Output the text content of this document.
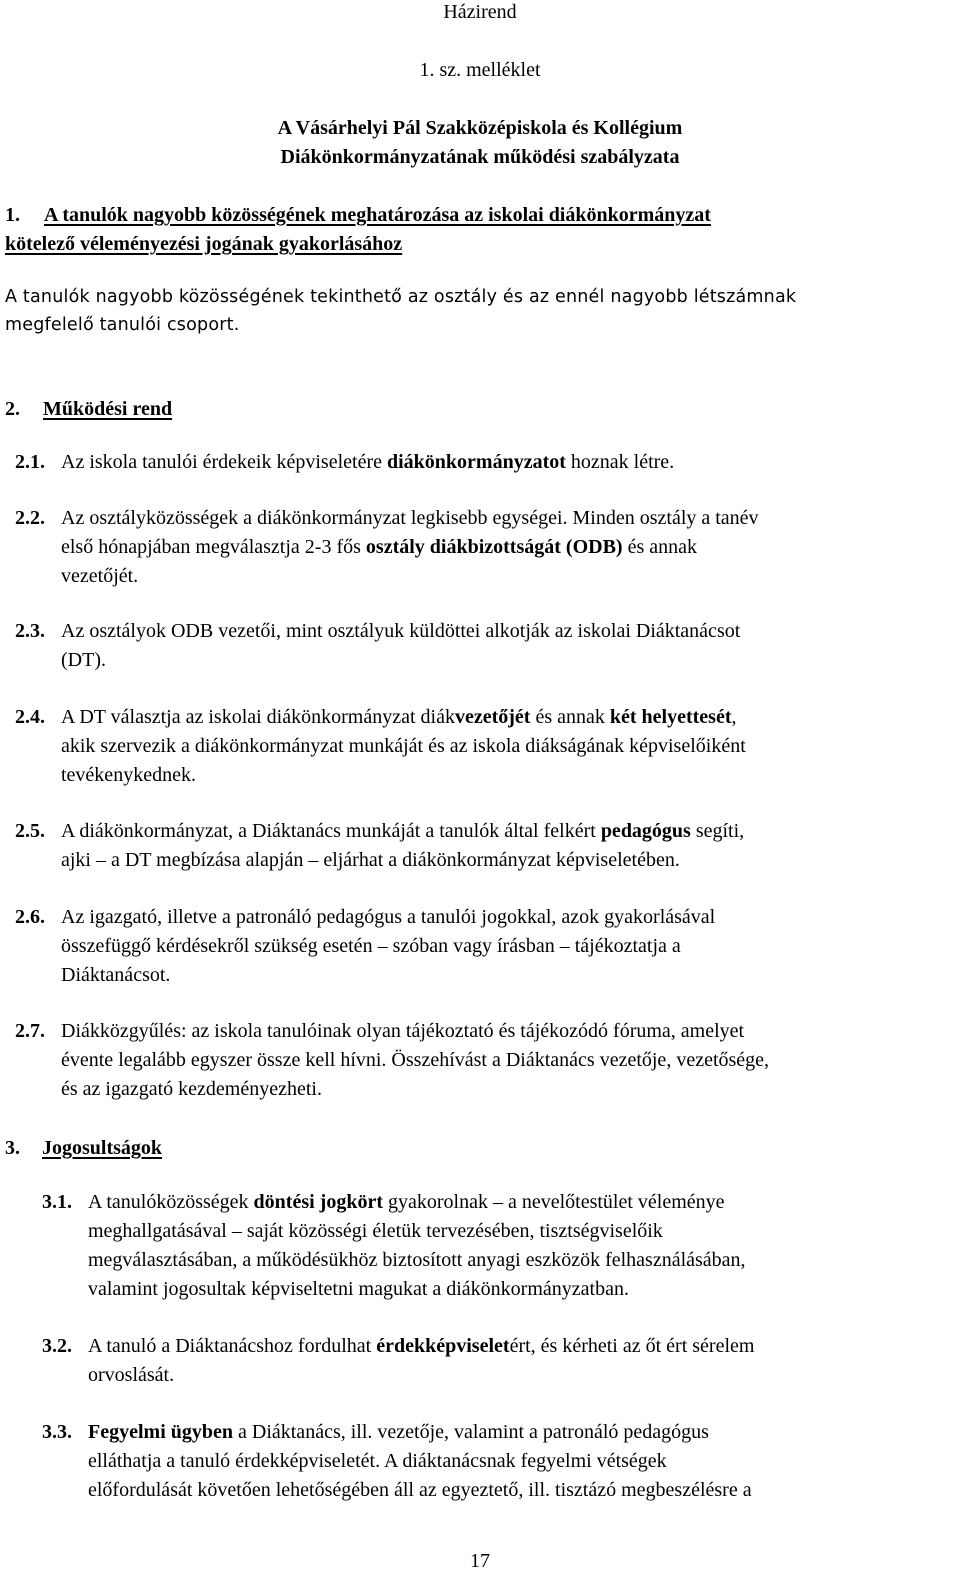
Házirend
1. sz. melléklet
A Vásárhelyi Pál Szakközépiskola és Kollégium
Diákönkormányzatának működési szabályzata
1. A tanulók nagyobb közösségének meghatározása az iskolai diákönkormányzat
kötelező véleményezési jogának gyakorlásához
A tanulók nagyobb közösségének tekinthető az osztály és az ennél nagyobb létszámnak
megfelelő tanulói csoport.
2. Működési rend
2.1. Az iskola tanulói érdekeik képviseletére diákönkormányzatot hoznak létre.
2.2. Az osztályközösségek a diákönkormányzat legkisebb egységei. Minden osztály a tanév
első hónapjában megválasztja 2-3 fős osztály diákbizottságát (ODB) és annak
vezetőjét.
2.3. Az osztályok ODB vezetői, mint osztályuk küldöttei alkotják az iskolai Diáktanácsot
(DT).
2.4. A DT választja az iskolai diákönkormányzat diákvezetőjét és annak két helyettesét,
akik szervezik a diákönkormányzat munkáját és az iskola diákságának képviselőiként
tevékenykednek.
2.5. A diákönkormányzat, a Diáktanács munkáját a tanulók által felkért pedagógus segíti,
ajki – a DT megbízása alapján – eljárhat a diákönkormányzat képviseletében.
2.6. Az igazgató, illetve a patronáló pedagógus a tanulói jogokkal, azok gyakorlásával
összefüggő kérdésekről szükség esetén – szóban vagy írásban – tájékoztatja a
Diáktanácsot.
2.7. Diákközgyűlés: az iskola tanulóinak olyan tájékoztató és tájékozódó fóruma, amelyet
évente legalább egyszer össze kell hívni. Összehívást a Diáktanács vezetője, vezetősége,
és az igazgató kezdeményezheti.
3. Jogosultságok
3.1. A tanulóközösségek döntési jogkört gyakorolnak – a nevelőtestület véleménye
meghallgatásával – saját közösségi életük tervezésében, tisztségviselőik
megválasztásában, a működésükhöz biztosított anyagi eszközök felhasználásában,
valamint jogosultak képviseltetni magukat a diákönkormányzatban.
3.2. A tanuló a Diáktanácshoz fordulhat érdekképviseletért, és kérheti az őt ért sérelem
orvoslását.
3.3. Fegyelmi ügyben a Diáktanács, ill. vezetője, valamint a patronáló pedagógus
elláthatja a tanuló érdekképviseletét. A diáktanácsnak fegyelmi vétségek
előfordulását követően lehetőségében áll az egyeztető, ill. tisztázó megbeszélésre a
17
